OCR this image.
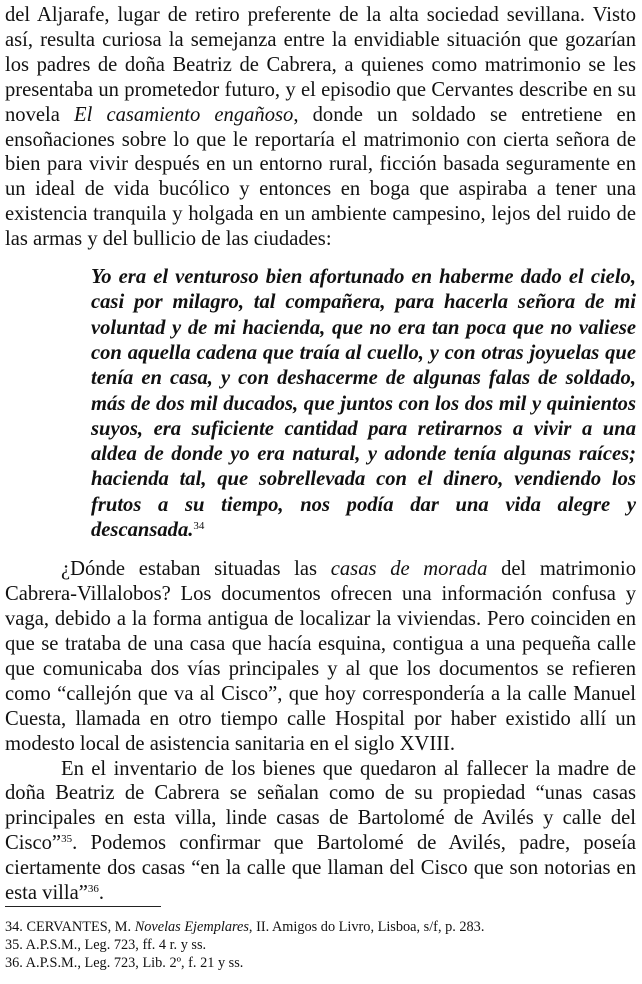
del Aljarafe, lugar de retiro preferente de la alta sociedad sevillana. Visto así, resulta curiosa la semejanza entre la envidiable situación que gozarían los padres de doña Beatriz de Cabrera, a quienes como matrimonio se les presentaba un prometedor futuro, y el episodio que Cervantes describe en su novela El casamiento engañoso, donde un soldado se entretiene en ensoñaciones sobre lo que le reportaría el matrimonio con cierta señora de bien para vivir después en un entorno rural, ficción basada seguramente en un ideal de vida bucólico y entonces en boga que aspiraba a tener una existencia tranquila y holgada en un ambiente campesino, lejos del ruido de las armas y del bullicio de las ciudades:

Yo era el venturoso bien afortunado en haberme dado el cielo, casi por milagro, tal compañera, para hacerla señora de mi voluntad y de mi hacienda, que no era tan poca que no valiese con aquella cadena que traía al cuello, y con otras joyuelas que tenía en casa, y con deshacerme de algunas falas de soldado, más de dos mil ducados, que juntos con los dos mil y quinientos suyos, era suficiente cantidad para retirarnos a vivir a una aldea de donde yo era natural, y adonde tenía algunas raíces; hacienda tal, que sobrellevada con el dinero, vendiendo los frutos a su tiempo, nos podía dar una vida alegre y descansada.$^{34}$

¿Dónde estaban situadas las casas de morada del matrimonio Cabrera-Villalobos? Los documentos ofrecen una información confusa y vaga, debido a la forma antigua de localizar la viviendas. Pero coinciden en que se trataba de una casa que hacía esquina, contigua a una pequeña calle que comunicaba dos vías principales y al que los documentos se refieren como “callejón que va al Cisco”, que hoy correspondería a la calle Manuel Cuesta, llamada en otro tiempo calle Hospital por haber existido allí un modesto local de asistencia sanitaria en el siglo XVIII.

En el inventario de los bienes que quedaron al fallecer la madre de doña Beatriz de Cabrera se señalan como de su propiedad “unas casas principales en esta villa, linde casas de Bartolomé de Avilés y calle del Cisco”$^{35}$. Podemos confirmar que Bartolomé de Avilés, padre, poseía ciertamente dos casas “en la calle que llaman del Cisco que son notorias en esta villa”$^{36}$.

34. CERVANTES, M. Novelas Ejemplares, II. Amigos do Livro, Lisboa, s/f, p. 283.

35. A.P.S.M., Leg. 723, ff. 4 r. y ss.

36. A.P.S.M., Leg. 723, Lib. 2º, f. 21 y ss.
